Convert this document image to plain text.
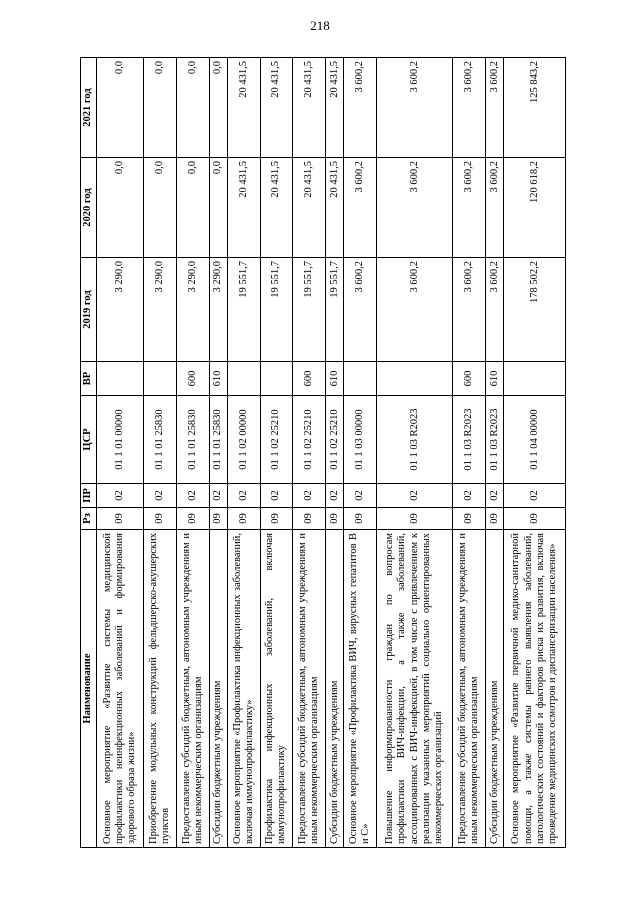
218
Наименование	Рз	ПР	ЦСР	ВР	2019 год	2020 год	2021 год
Основное мероприятие «Развитие системы медицинской профилактики неинфекционных заболеваний и формирования здорового образа жизни»	09	02	01 1 01 00000		3 290,0	0,0	0,0
Приобретение модульных конструкций фельдшерско-акушерских пунктов	09	02	01 1 01 25830		3 290,0	0,0	0,0
Предоставление субсидий бюджетным, автономным учреждениям и иным некоммерческим организациям	09	02	01 1 01 25830	600	3 290,0	0,0	0,0
Субсидии бюджетным учреждениям	09	02	01 1 01 25830	610	3 290,0	0,0	0,0
Основное мероприятие «Профилактика инфекционных заболеваний, включая иммунопрофилактику»	09	02	01 1 02 00000		19 551,7	20 431,5	20 431,5
Профилактика инфекционных заболеваний, включая иммунопрофилактику	09	02	01 1 02 25210		19 551,7	20 431,5	20 431,5
Предоставление субсидий бюджетным, автономным учреждениям и иным некоммерческим организациям	09	02	01 1 02 25210	600	19 551,7	20 431,5	20 431,5
Субсидии бюджетным учреждениям	09	02	01 1 02 25210	610	19 551,7	20 431,5	20 431,5
Основное мероприятие «Профилактика ВИЧ, вирусных гепатитов В и С»	09	02	01 1 03 00000		3 600,2	3 600,2	3 600,2
Повышение информированности граждан по вопросам профилактики ВИЧ-инфекции, а также заболеваний, ассоциированных с ВИЧ-инфекцией, в том числе с привлечением к реализации указанных мероприятий социально ориентированных некоммерческих организаций	09	02	01 1 03 R2023		3 600,2	3 600,2	3 600,2
Предоставление субсидий бюджетным, автономным учреждениям и иным некоммерческим организациям	09	02	01 1 03 R2023	600	3 600,2	3 600,2	3 600,2
Субсидии бюджетным учреждениям	09	02	01 1 03 R2023	610	3 600,2	3 600,2	3 600,2
Основное мероприятие «Развитие первичной медико-санитарной помощи, а также системы раннего выявления заболеваний, патологических состояний и факторов риска их развития, включая проведение медицинских осмотров и диспансеризации населения»	09	02	01 1 04 00000		178 502,2	120 618,2	125 843,2
